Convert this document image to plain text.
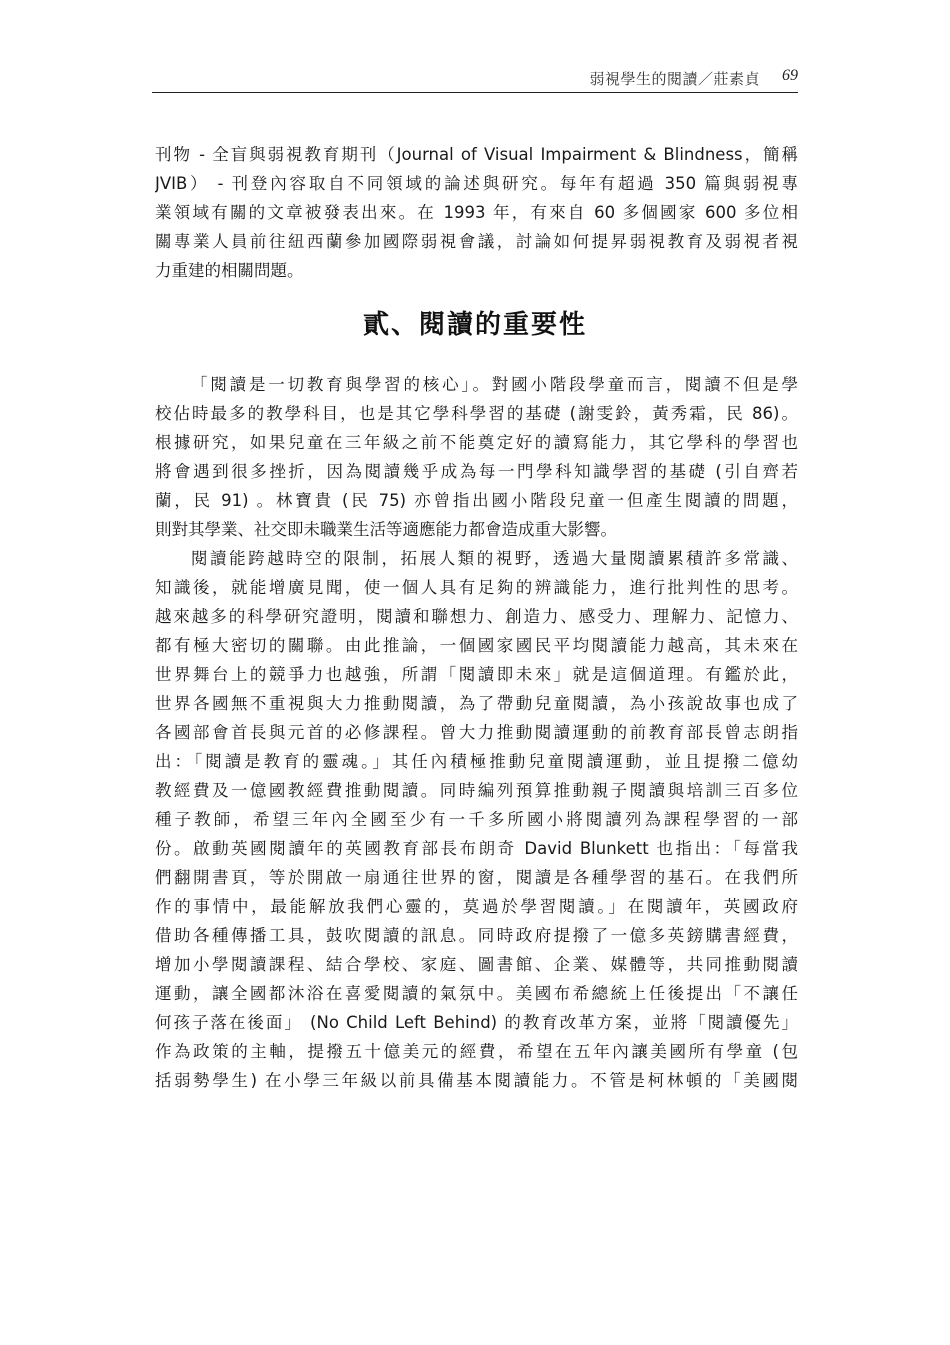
弱視學生的閱讀／莊素貞 69
刊物 - 全盲與弱視教育期刊（Journal of Visual Impairment & Blindness，簡稱
JVIB） - 刊登內容取自不同領域的論述與研究。每年有超過 350 篇與弱視專
業領域有關的文章被發表出來。在 1993 年，有來自 60 多個國家 600 多位相
關專業人員前往紐西蘭參加國際弱視會議，討論如何提昇弱視教育及弱視者視
力重建的相關問題。
貳、閱讀的重要性
「閱讀是一切教育與學習的核心」。對國小階段學童而言，閱讀不但是學
校佔時最多的教學科目，也是其它學科學習的基礎 (謝雯鈴，黃秀霜，民 86)。
根據研究，如果兒童在三年級之前不能奠定好的讀寫能力，其它學科的學習也
將會遇到很多挫折，因為閱讀幾乎成為每一門學科知識學習的基礎 (引自齊若
蘭，民 91) 。林寶貴 (民 75) 亦曾指出國小階段兒童一但產生閱讀的問題，
則對其學業、社交即未職業生活等適應能力都會造成重大影響。
閱讀能跨越時空的限制，拓展人類的視野，透過大量閱讀累積許多常識、
知識後，就能增廣見聞，使一個人具有足夠的辨識能力，進行批判性的思考。
越來越多的科學研究證明，閱讀和聯想力、創造力、感受力、理解力、記憶力、
都有極大密切的關聯。由此推論，一個國家國民平均閱讀能力越高，其未來在
世界舞台上的競爭力也越強，所謂「閱讀即未來」就是這個道理。有鑑於此，
世界各國無不重視與大力推動閱讀，為了帶動兒童閱讀，為小孩說故事也成了
各國部會首長與元首的必修課程。曾大力推動閱讀運動的前教育部長曾志朗指
出：「閱讀是教育的靈魂。」其任內積極推動兒童閱讀運動，並且提撥二億幼
教經費及一億國教經費推動閱讀。同時編列預算推動親子閱讀與培訓三百多位
種子教師，希望三年內全國至少有一千多所國小將閱讀列為課程學習的一部
份。啟動英國閱讀年的英國教育部長布朗奇 David Blunkett 也指出：「每當我
們翻開書頁，等於開啟一扇通往世界的窗，閱讀是各種學習的基石。在我們所
作的事情中，最能解放我們心靈的，莫過於學習閱讀。」在閱讀年，英國政府
借助各種傳播工具，鼓吹閱讀的訊息。同時政府提撥了一億多英鎊購書經費，
增加小學閱讀課程、結合學校、家庭、圖書館、企業、媒體等，共同推動閱讀
運動，讓全國都沐浴在喜愛閱讀的氣氛中。美國布希總統上任後提出「不讓任
何孩子落在後面」 (No Child Left Behind) 的教育改革方案，並將「閱讀優先」
作為政策的主軸，提撥五十億美元的經費，希望在五年內讓美國所有學童 (包
括弱勢學生) 在小學三年級以前具備基本閱讀能力。不管是柯林頓的「美國閱
